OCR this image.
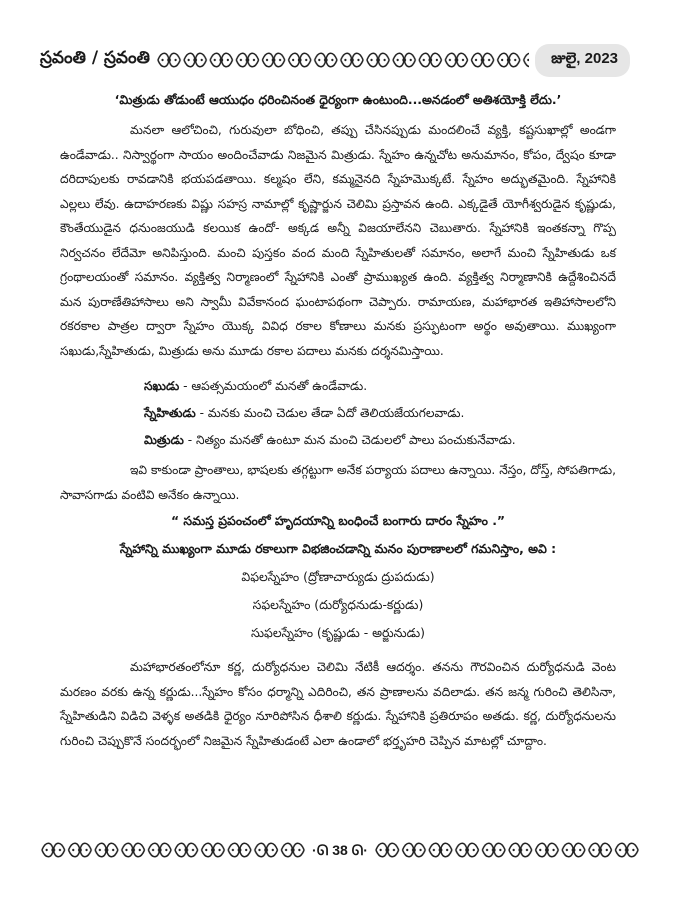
స్రవంతి / స్రవంతి	జులై, 2023

‘మిత్రుడు తోడుంటే ఆయుధం ధరించినంత ధైర్యంగా ఉంటుంది...అనడంలో అతిశయోక్తి లేదు.’

మనలా ఆలోచించి, గురువులా బోధించి, తప్పు చేసినప్పుడు మందలించే వ్యక్తి, కష్టసుఖాల్లో అండగా ఉండేవాడు.. నిస్వార్థంగా సాయం అందించేవాడు నిజమైన మిత్రుడు. స్నేహం ఉన్నచోట అనుమానం, కోపం, ద్వేషం కూడా దరిదాపులకు రావడానికి భయపడతాయి. కల్మషం లేని, కమ్మనైనది స్నేహమొక్కటే. స్నేహం అద్భుతమైంది. స్నేహానికి ఎల్లలు లేవు. ఉదాహరణకు విష్ణు సహస్ర నామాల్లో కృష్ణార్జున చెలిమి ప్రస్తావన ఉంది. ఎక్కడైతే యోగీశ్వరుడైన కృష్ణుడు, కౌంతేయుడైన ధనుంజయుడి కలయిక ఉందో- అక్కడ అన్నీ విజయాలేనని చెబుతారు. స్నేహానికి ఇంతకన్నా గొప్ప నిర్వచనం లేదేమో అనిపిస్తుంది. మంచి పుస్తకం వంద మంది స్నేహితులతో సమానం, అలాగే మంచి స్నేహితుడు ఒక గ్రంథాలయంతో సమానం. వ్యక్తిత్వ నిర్మాణంలో స్నేహానికి ఎంతో ప్రాముఖ్యత ఉంది. వ్యక్తిత్వ నిర్మాణానికి ఉద్దేశించినదే మన పురాణేతిహాసాలు అని స్వామీ వివేకానంద ఘంటాపథంగా చెప్పారు. రామాయణ, మహాభారత ఇతిహాసాలలోని రకరకాల పాత్రల ద్వారా స్నేహం యొక్క వివిధ రకాల కోణాలు మనకు ప్రస్ఫుటంగా అర్థం అవుతాయి. ముఖ్యంగా సఖుడు,స్నేహితుడు, మిత్రుడు అను మూడు రకాల పదాలు మనకు దర్శనమిస్తాయి.

సఖుడు - ఆపత్సమయంలో మనతో ఉండేవాడు.
స్నేహితుడు - మనకు మంచి చెడుల తేడా ఏదో తెలియజేయగలవాడు.
మిత్రుడు - నిత్యం మనతో ఉంటూ మన మంచి చెడులలో పాలు పంచుకునేవాడు.

ఇవి కాకుండా ప్రాంతాలు, భాషలకు తగ్గట్టుగా అనేక పర్యాయ పదాలు ఉన్నాయి. నేస్తం, దోస్త్, సోపతిగాడు, సావాసగాడు వంటివి అనేకం ఉన్నాయి.

“ సమస్త ప్రపంచంలో హృదయాన్ని బంధించే బంగారు దారం స్నేహం .”
స్నేహాన్ని ముఖ్యంగా మూడు రకాలుగా విభజించడాన్ని మనం పురాణాలలో గమనిస్తాం, అవి :
విఫలస్నేహం (ద్రోణాచార్యుడు ద్రుపదుడు)
సఫలస్నేహం (దుర్యోధనుడు-కర్ణుడు)
సుఫలస్నేహం (కృష్ణుడు - అర్జునుడు)

మహాభారతంలోనూ కర్ణ, దుర్యోధనుల చెలిమి నేటికీ ఆదర్శం. తనను గౌరవించిన దుర్యోధనుడి వెంట మరణం వరకు ఉన్న కర్ణుడు...స్నేహం కోసం ధర్మాన్ని ఎదిరించి, తన ప్రాణాలను వదిలాడు. తన జన్మ గురించి తెలిసినా, స్నేహితుడిని విడిచి వెళ్ళక అతడికి ధైర్యం నూరిపోసిన ధీశాలి కర్ణుడు. స్నేహానికి ప్రతిరూపం అతడు. కర్ణ, దుర్యోధనులను గురించి చెప్పుకొనే సందర్భంలో నిజమైన స్నేహితుడంటే ఎలా ఉండాలో భర్తృహరి చెప్పిన మాటల్లో చూద్దాం.

·ᘏ 38 ᘏ·
